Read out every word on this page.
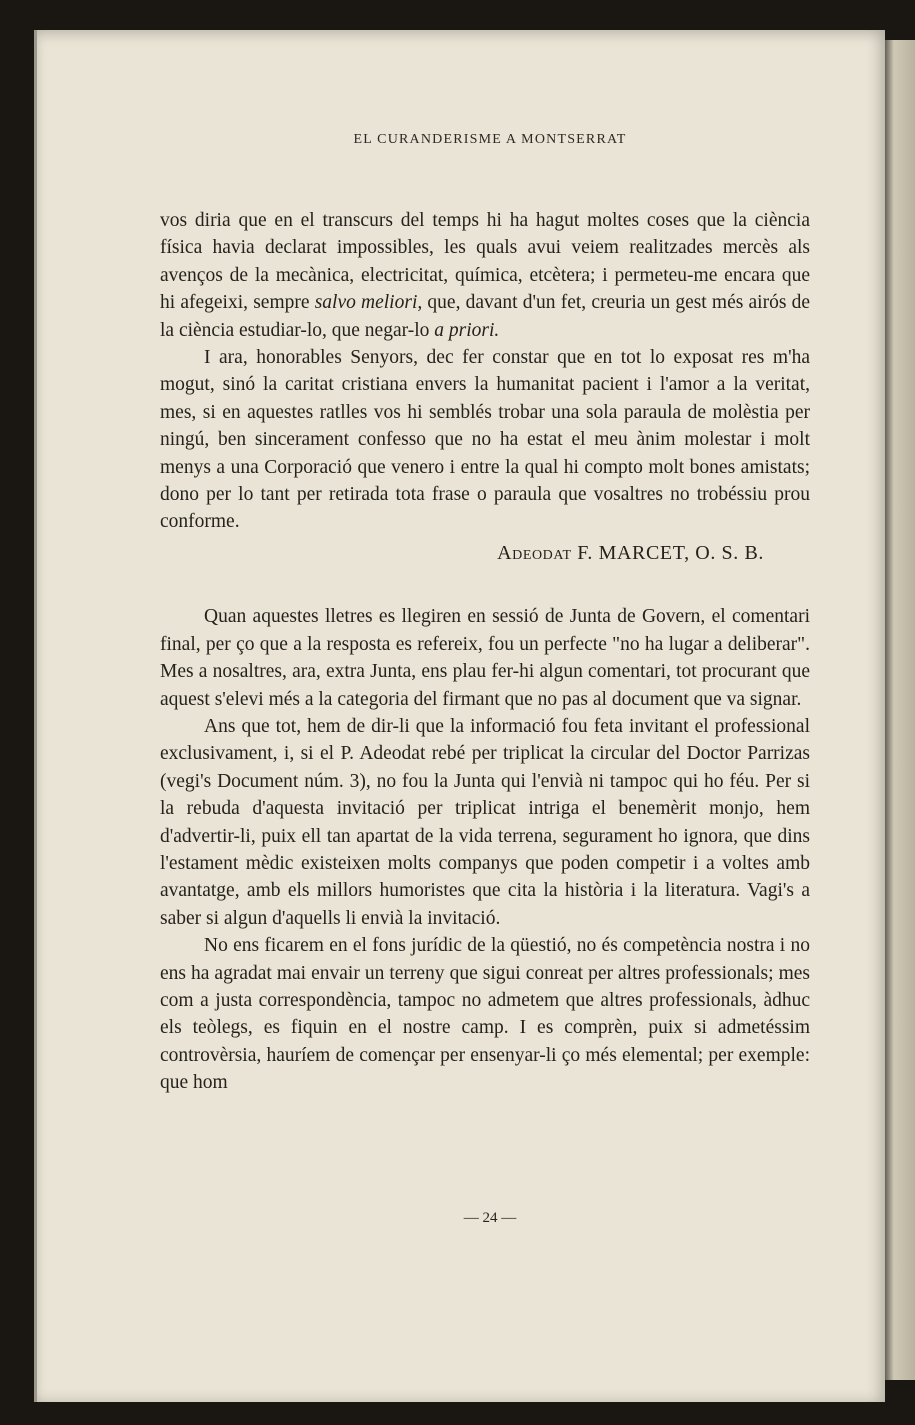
EL CURANDERISME A MONTSERRAT

vos diria que en el transcurs del temps hi ha hagut moltes coses que la ciència física havia declarat impossibles, les quals avui veiem realitzades mercès als avenços de la mecànica, electricitat, química, etcètera; i permeteu-me encara que hi afegeixi, sempre salvo meliori, que, davant d'un fet, creuria un gest més airós de la ciència estudiar-lo, que negar-lo a priori.

I ara, honorables Senyors, dec fer constar que en tot lo exposat res m'ha mogut, sinó la caritat cristiana envers la humanitat pacient i l'amor a la veritat, mes, si en aquestes ratlles vos hi semblés trobar una sola paraula de molèstia per ningú, ben sincerament confesso que no ha estat el meu ànim molestar i molt menys a una Corporació que venero i entre la qual hi compto molt bones amistats; dono per lo tant per retirada tota frase o paraula que vosaltres no trobéssiu prou conforme.

Adeodat F. MARCET, O. S. B.

Quan aquestes lletres es llegiren en sessió de Junta de Govern, el comentari final, per ço que a la resposta es refereix, fou un perfecte "no ha lugar a deliberar". Mes a nosaltres, ara, extra Junta, ens plau fer-hi algun comentari, tot procurant que aquest s'elevi més a la categoria del firmant que no pas al document que va signar.

Ans que tot, hem de dir-li que la informació fou feta invitant el professional exclusivament, i, si el P. Adeodat rebé per triplicat la circular del Doctor Parrizas (vegi's Document núm. 3), no fou la Junta qui l'envià ni tampoc qui ho féu. Per si la rebuda d'aquesta invitació per triplicat intriga el benemèrit monjo, hem d'advertir-li, puix ell tan apartat de la vida terrena, segurament ho ignora, que dins l'estament mèdic existeixen molts companys que poden competir i a voltes amb avantatge, amb els millors humoristes que cita la història i la literatura. Vagi's a saber si algun d'aquells li envià la invitació.

No ens ficarem en el fons jurídic de la qüestió, no és competència nostra i no ens ha agradat mai envair un terreny que sigui conreat per altres professionals; mes com a justa correspondència, tampoc no admetem que altres professionals, àdhuc els teòlegs, es fiquin en el nostre camp. I es comprèn, puix si admetéssim controvèrsia, hauríem de començar per ensenyar-li ço més elemental; per exemple: que hom

— 24 —
